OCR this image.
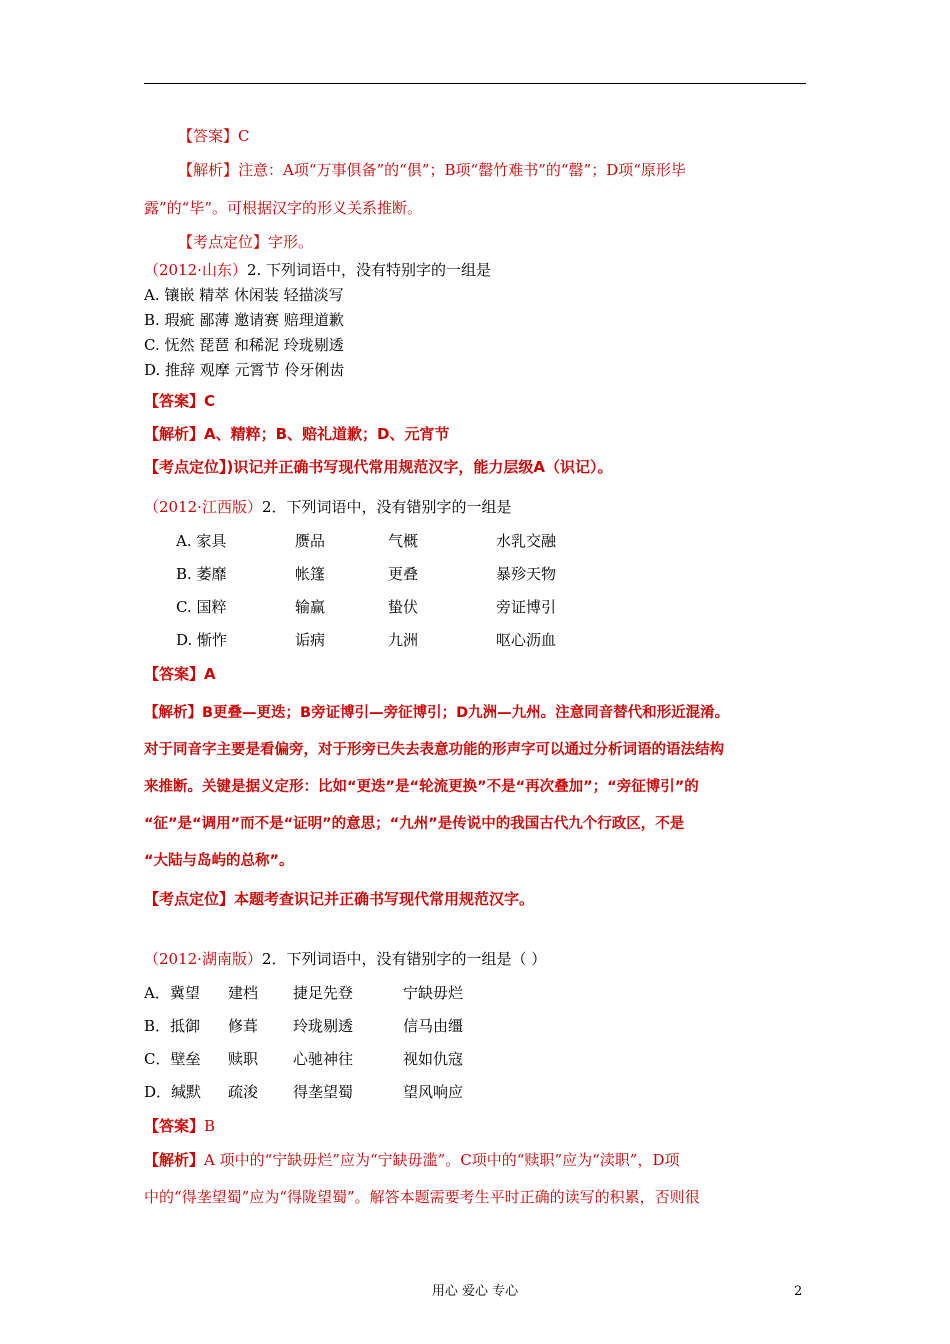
【答案】C
【解析】注意：A项“万事俱备”的“俱”；B项“罄竹难书”的“罄”；D项“原形毕
露”的“毕”。可根据汉字的形义关系推断。
【考点定位】字形。
（2012·山东）2. 下列词语中，没有特别字的一组是
A. 镶嵌 精萃 休闲装 轻描淡写
B. 瑕疵 鄙薄 邀请赛 赔理道歉
C. 怃然 琵琶 和稀泥 玲珑剔透
D. 推辞 观摩 元霄节 伶牙俐齿
【答案】C
【解析】A、精粹；B、赔礼道歉；D、元宵节
【考点定位】)识记并正确书写现代常用规范汉字，能力层级A（识记）。
（2012·江西版）2．下列词语中，没有错别字的一组是
A. 家具	赝品	气概	水乳交融
B. 萎靡	帐篷	更叠	暴殄天物
C. 国粹	输赢	蛰伏	旁证博引
D. 惭怍	诟病	九洲	呕心沥血
【答案】A
【解析】B更叠—更迭；B旁证博引—旁征博引；D九洲—九州。注意同音替代和形近混淆。
对于同音字主要是看偏旁，对于形旁已失去表意功能的形声字可以通过分析词语的语法结构
来推断。关键是据义定形：比如“更迭”是“轮流更换”不是“再次叠加”；“旁征博引”的
“征”是“调用”而不是“证明”的意思；“九州”是传说中的我国古代九个行政区，不是
“大陆与岛屿的总称”。
【考点定位】本题考查识记并正确书写现代常用规范汉字。
（2012·湖南版）2．下列词语中，没有错别字的一组是（ ）
A．冀望 建档 捷足先登	宁缺毋烂
B．抵御 修葺 玲珑剔透	信马由缰
C．壁垒 赎职 心驰神往	视如仇寇
D．缄默 疏浚 得垄望蜀	望风响应
【答案】B
【解析】A 项中的“宁缺毋烂”应为“宁缺毋滥”。C项中的“赎职”应为“渎职”，D项
中的“得垄望蜀”应为“得陇望蜀”。解答本题需要考生平时正确的读写的积累，否则很
用心 爱心 专心	2
